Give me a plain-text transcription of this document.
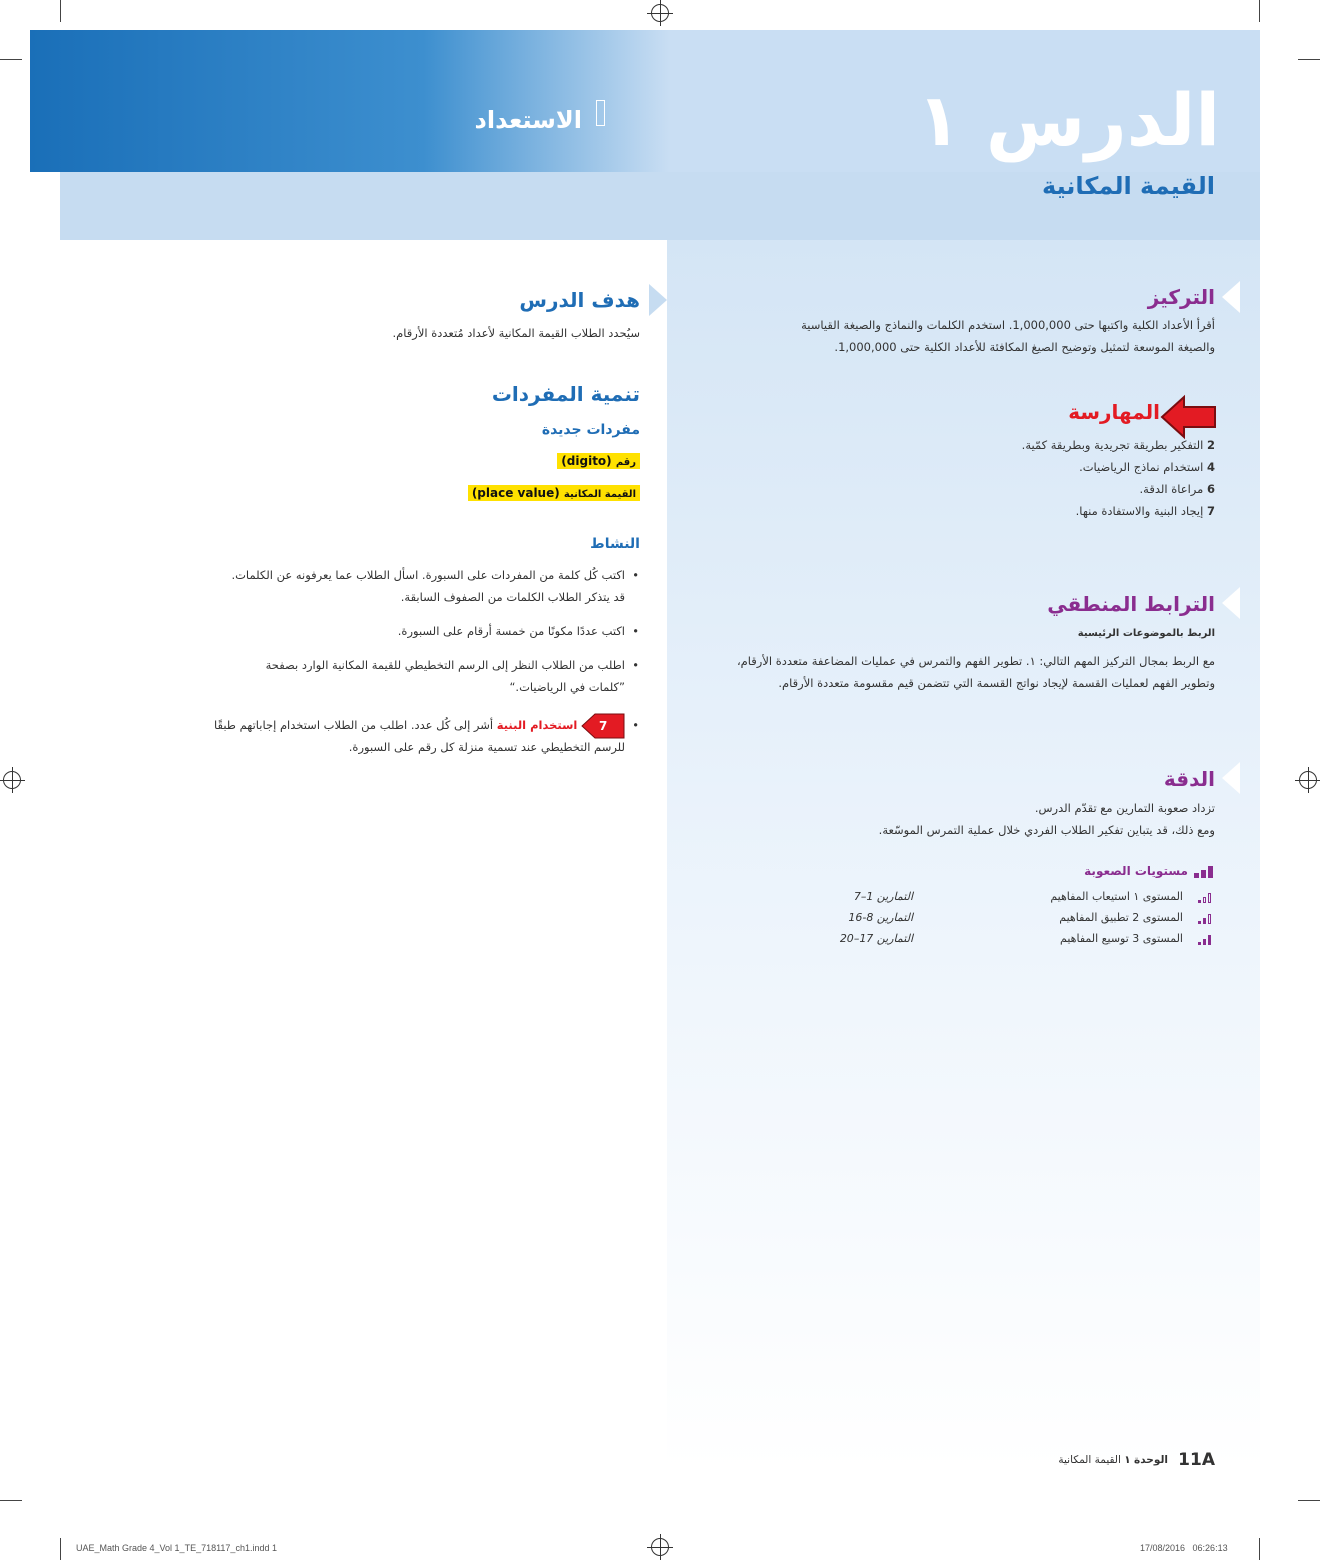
الدرس ١
القيمة المكانية
الاستعداد
التركيز
أقرأ الأعداد الكلية واكتبها حتى 1,000,000. استخدم الكلمات والنماذج والصيغة القياسية
والصيغة الموسعة لتمثيل وتوضيح الصيغ المكافئة للأعداد الكلية حتى 1,000,000.
المهارسة
2 التفكير بطريقة تجريدية وبطريقة كمّية.
4 استخدام نماذج الرياضيات.
6 مراعاة الدقة.
7 إيجاد البنية والاستفادة منها.
الترابط المنطقي
الربط بالموضوعات الرئيسية
مع الربط بمجال التركيز المهم التالي: ١. تطوير الفهم والتمرس في عمليات المضاعفة متعددة الأرقام،
وتطوير الفهم لعمليات القسمة لإيجاد نواتج القسمة التي تتضمن قيم مقسومة متعددة الأرقام.
الدقة
تزداد صعوبة التمارين مع تقدّم الدرس.
ومع ذلك، قد يتباين تفكير الطلاب الفردي خلال عملية التمرس الموسّعة.
مستويات الصعوبة
المستوى ١ استيعاب المفاهيم
التمارين 1–7
المستوى 2 تطبيق المفاهيم
التمارين 8-16
المستوى 3 توسيع المفاهيم
التمارين 17–20
هدف الدرس
سيُحدد الطلاب القيمة المكانية لأعداد مُتعددة الأرقام.
تنمية المفردات
مفردات جديدة
رقم (digito)
القيمة المكانية (place value)
النشاط
• اكتب كُل كلمة من المفردات على السبورة. اسأل الطلاب عما يعرفونه عن الكلمات.
قد يتذكر الطلاب الكلمات من الصفوف السابقة.
• اكتب عددًا مكونًا من خمسة أرقام على السبورة.
• اطلب من الطلاب النظر إلى الرسم التخطيطي للقيمة المكانية الوارد بصفحة
”كلمات في الرياضيات.“
• 7
استخدام البنية أشر إلى كُل عدد. اطلب من الطلاب استخدام إجاباتهم طبقًا
للرسم التخطيطي عند تسمية منزلة كل رقم على السبورة.
11A
الوحدة ١ القيمة المكانية
UAE_Math Grade 4_Vol 1_TE_718117_ch1.indd 1	17/08/2016   06:26:13
